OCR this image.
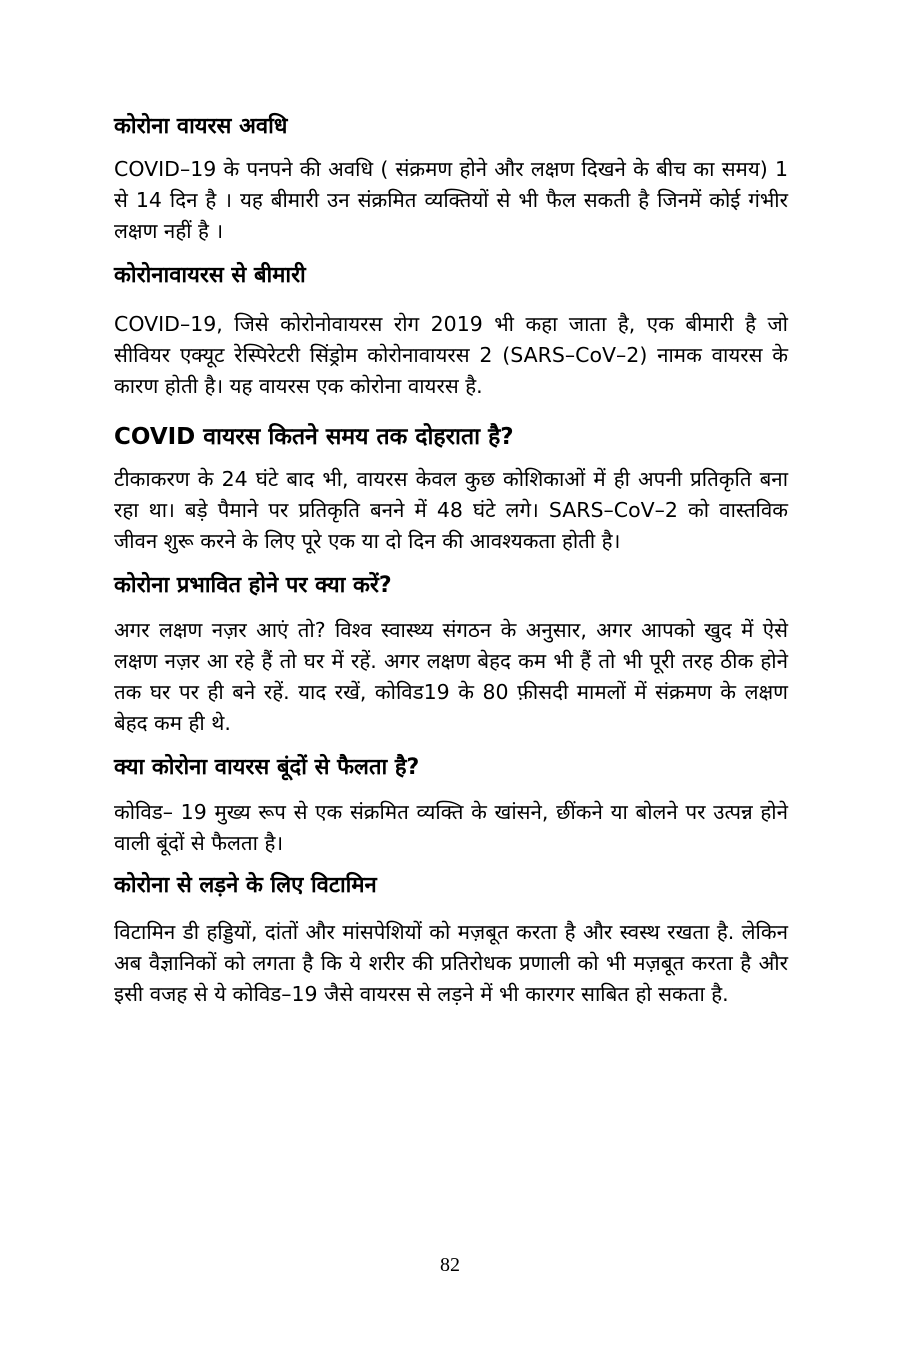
कोरोना वायरस अवधि

COVID–19 के पनपने की अवधि ( संक्रमण होने और लक्षण दिखने के बीच का समय) 1 से 14 दिन है । यह बीमारी उन संक्रमित व्यक्तियों से भी फैल सकती है जिनमें कोई गंभीर लक्षण नहीं है ।

कोरोनावायरस से बीमारी

COVID–19, जिसे कोरोनोवायरस रोग 2019 भी कहा जाता है, एक बीमारी है जो सीवियर एक्यूट रेस्पिरेटरी सिंड्रोम कोरोनावायरस 2 (SARS–CoV–2) नामक वायरस के कारण होती है। यह वायरस एक कोरोना वायरस है.

COVID वायरस कितने समय तक दोहराता है?

टीकाकरण के 24 घंटे बाद भी, वायरस केवल कुछ कोशिकाओं में ही अपनी प्रतिकृति बना रहा था। बड़े पैमाने पर प्रतिकृति बनने में 48 घंटे लगे। SARS–CoV–2 को वास्तविक जीवन शुरू करने के लिए पूरे एक या दो दिन की आवश्यकता होती है।

कोरोना प्रभावित होने पर क्या करें?

अगर लक्षण नज़र आएं तो? विश्व स्वास्थ्य संगठन के अनुसार, अगर आपको खुद में ऐसे लक्षण नज़र आ रहे हैं तो घर में रहें. अगर लक्षण बेहद कम भी हैं तो भी पूरी तरह ठीक होने तक घर पर ही बने रहें. याद रखें, कोविड19 के 80 फ़ीसदी मामलों में संक्रमण के लक्षण बेहद कम ही थे.

क्या कोरोना वायरस बूंदों से फैलता है?

कोविड– 19 मुख्य रूप से एक संक्रमित व्यक्ति के खांसने, छींकने या बोलने पर उत्पन्न होने वाली बूंदों से फैलता है।

कोरोना से लड़ने के लिए विटामिन

विटामिन डी हड्डियों, दांतों और मांसपेशियों को मज़बूत करता है और स्वस्थ रखता है. लेकिन अब वैज्ञानिकों को लगता है कि ये शरीर की प्रतिरोधक प्रणाली को भी मज़बूत करता है और इसी वजह से ये कोविड–19 जैसे वायरस से लड़ने में भी कारगर साबित हो सकता है.

82
